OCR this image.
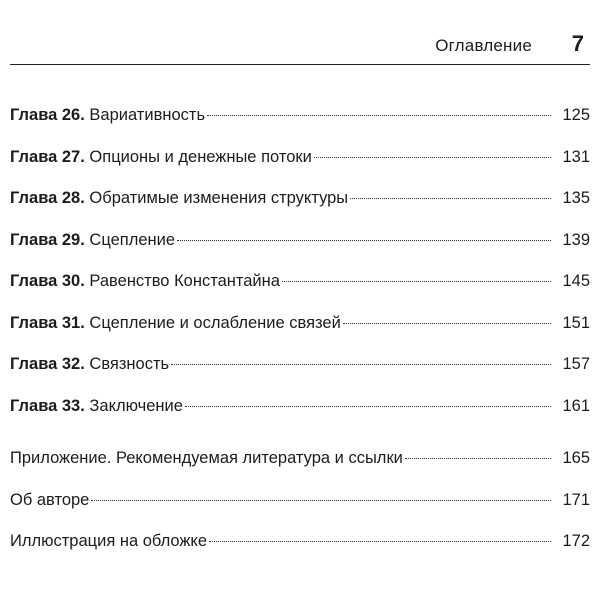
Оглавление 7
Глава 26. Вариативность	125
Глава 27. Опционы и денежные потоки	131
Глава 28. Обратимые изменения структуры	135
Глава 29. Сцепление	139
Глава 30. Равенство Константайна	145
Глава 31. Сцепление и ослабление связей	151
Глава 32. Связность	157
Глава 33. Заключение	161
Приложение. Рекомендуемая литература и ссылки	165
Об авторе	171
Иллюстрация на обложке	172
